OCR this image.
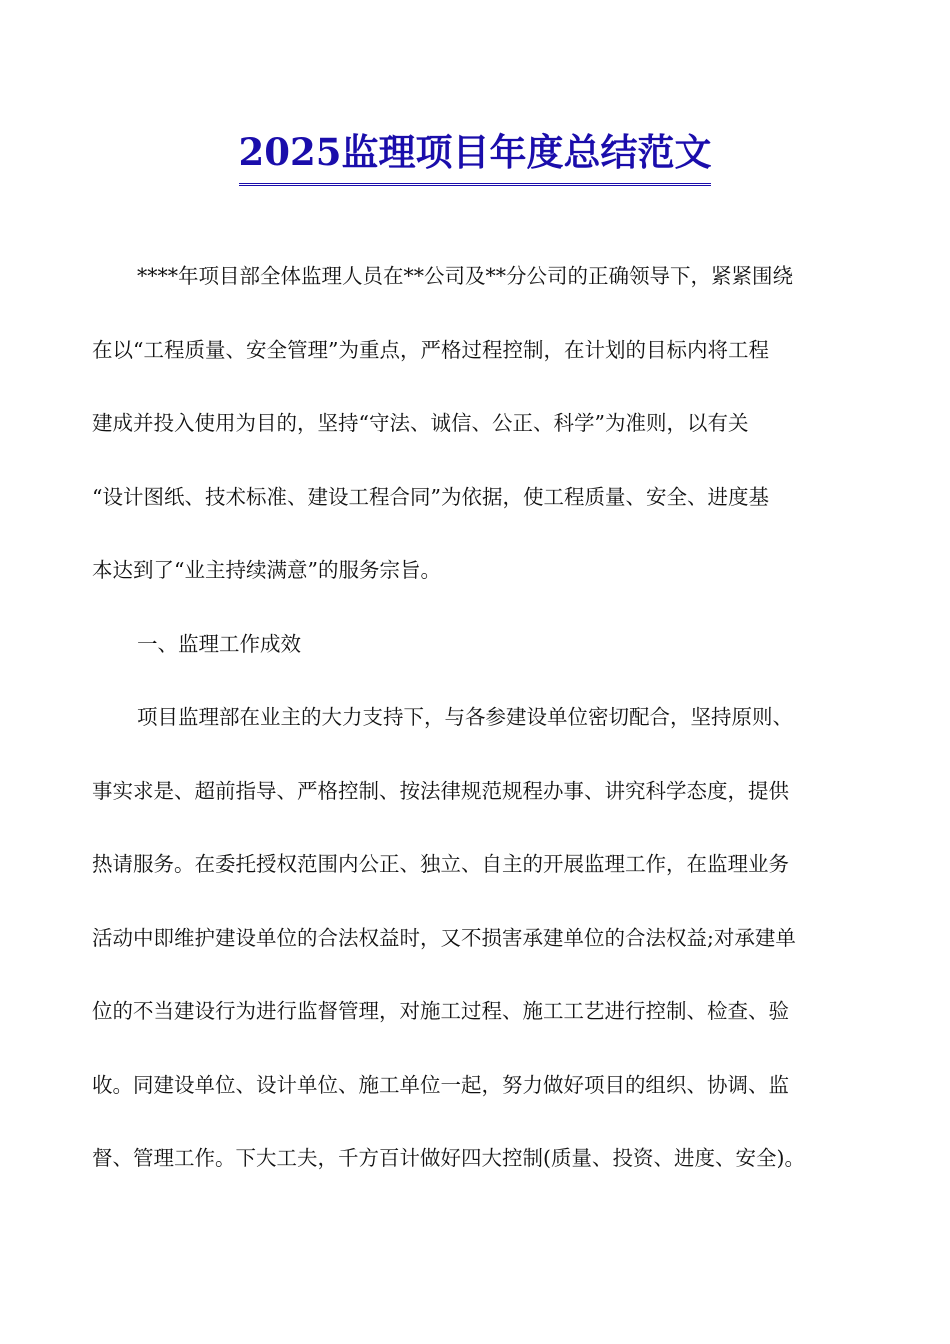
2025监理项目年度总结范文
****年项目部全体监理人员在**公司及**分公司的正确领导下，紧紧围绕
在以“工程质量、安全管理”为重点，严格过程控制，在计划的目标内将工程
建成并投入使用为目的，坚持“守法、诚信、公正、科学”为准则，以有关
“设计图纸、技术标准、建设工程合同”为依据，使工程质量、安全、进度基
本达到了“业主持续满意”的服务宗旨。
一、监理工作成效
项目监理部在业主的大力支持下，与各参建设单位密切配合，坚持原则、
事实求是、超前指导、严格控制、按法律规范规程办事、讲究科学态度，提供
热请服务。在委托授权范围内公正、独立、自主的开展监理工作，在监理业务
活动中即维护建设单位的合法权益时，又不损害承建单位的合法权益;对承建单
位的不当建设行为进行监督管理，对施工过程、施工工艺进行控制、检查、验
收。同建设单位、设计单位、施工单位一起，努力做好项目的组织、协调、监
督、管理工作。下大工夫，千方百计做好四大控制(质量、投资、进度、安全)。
